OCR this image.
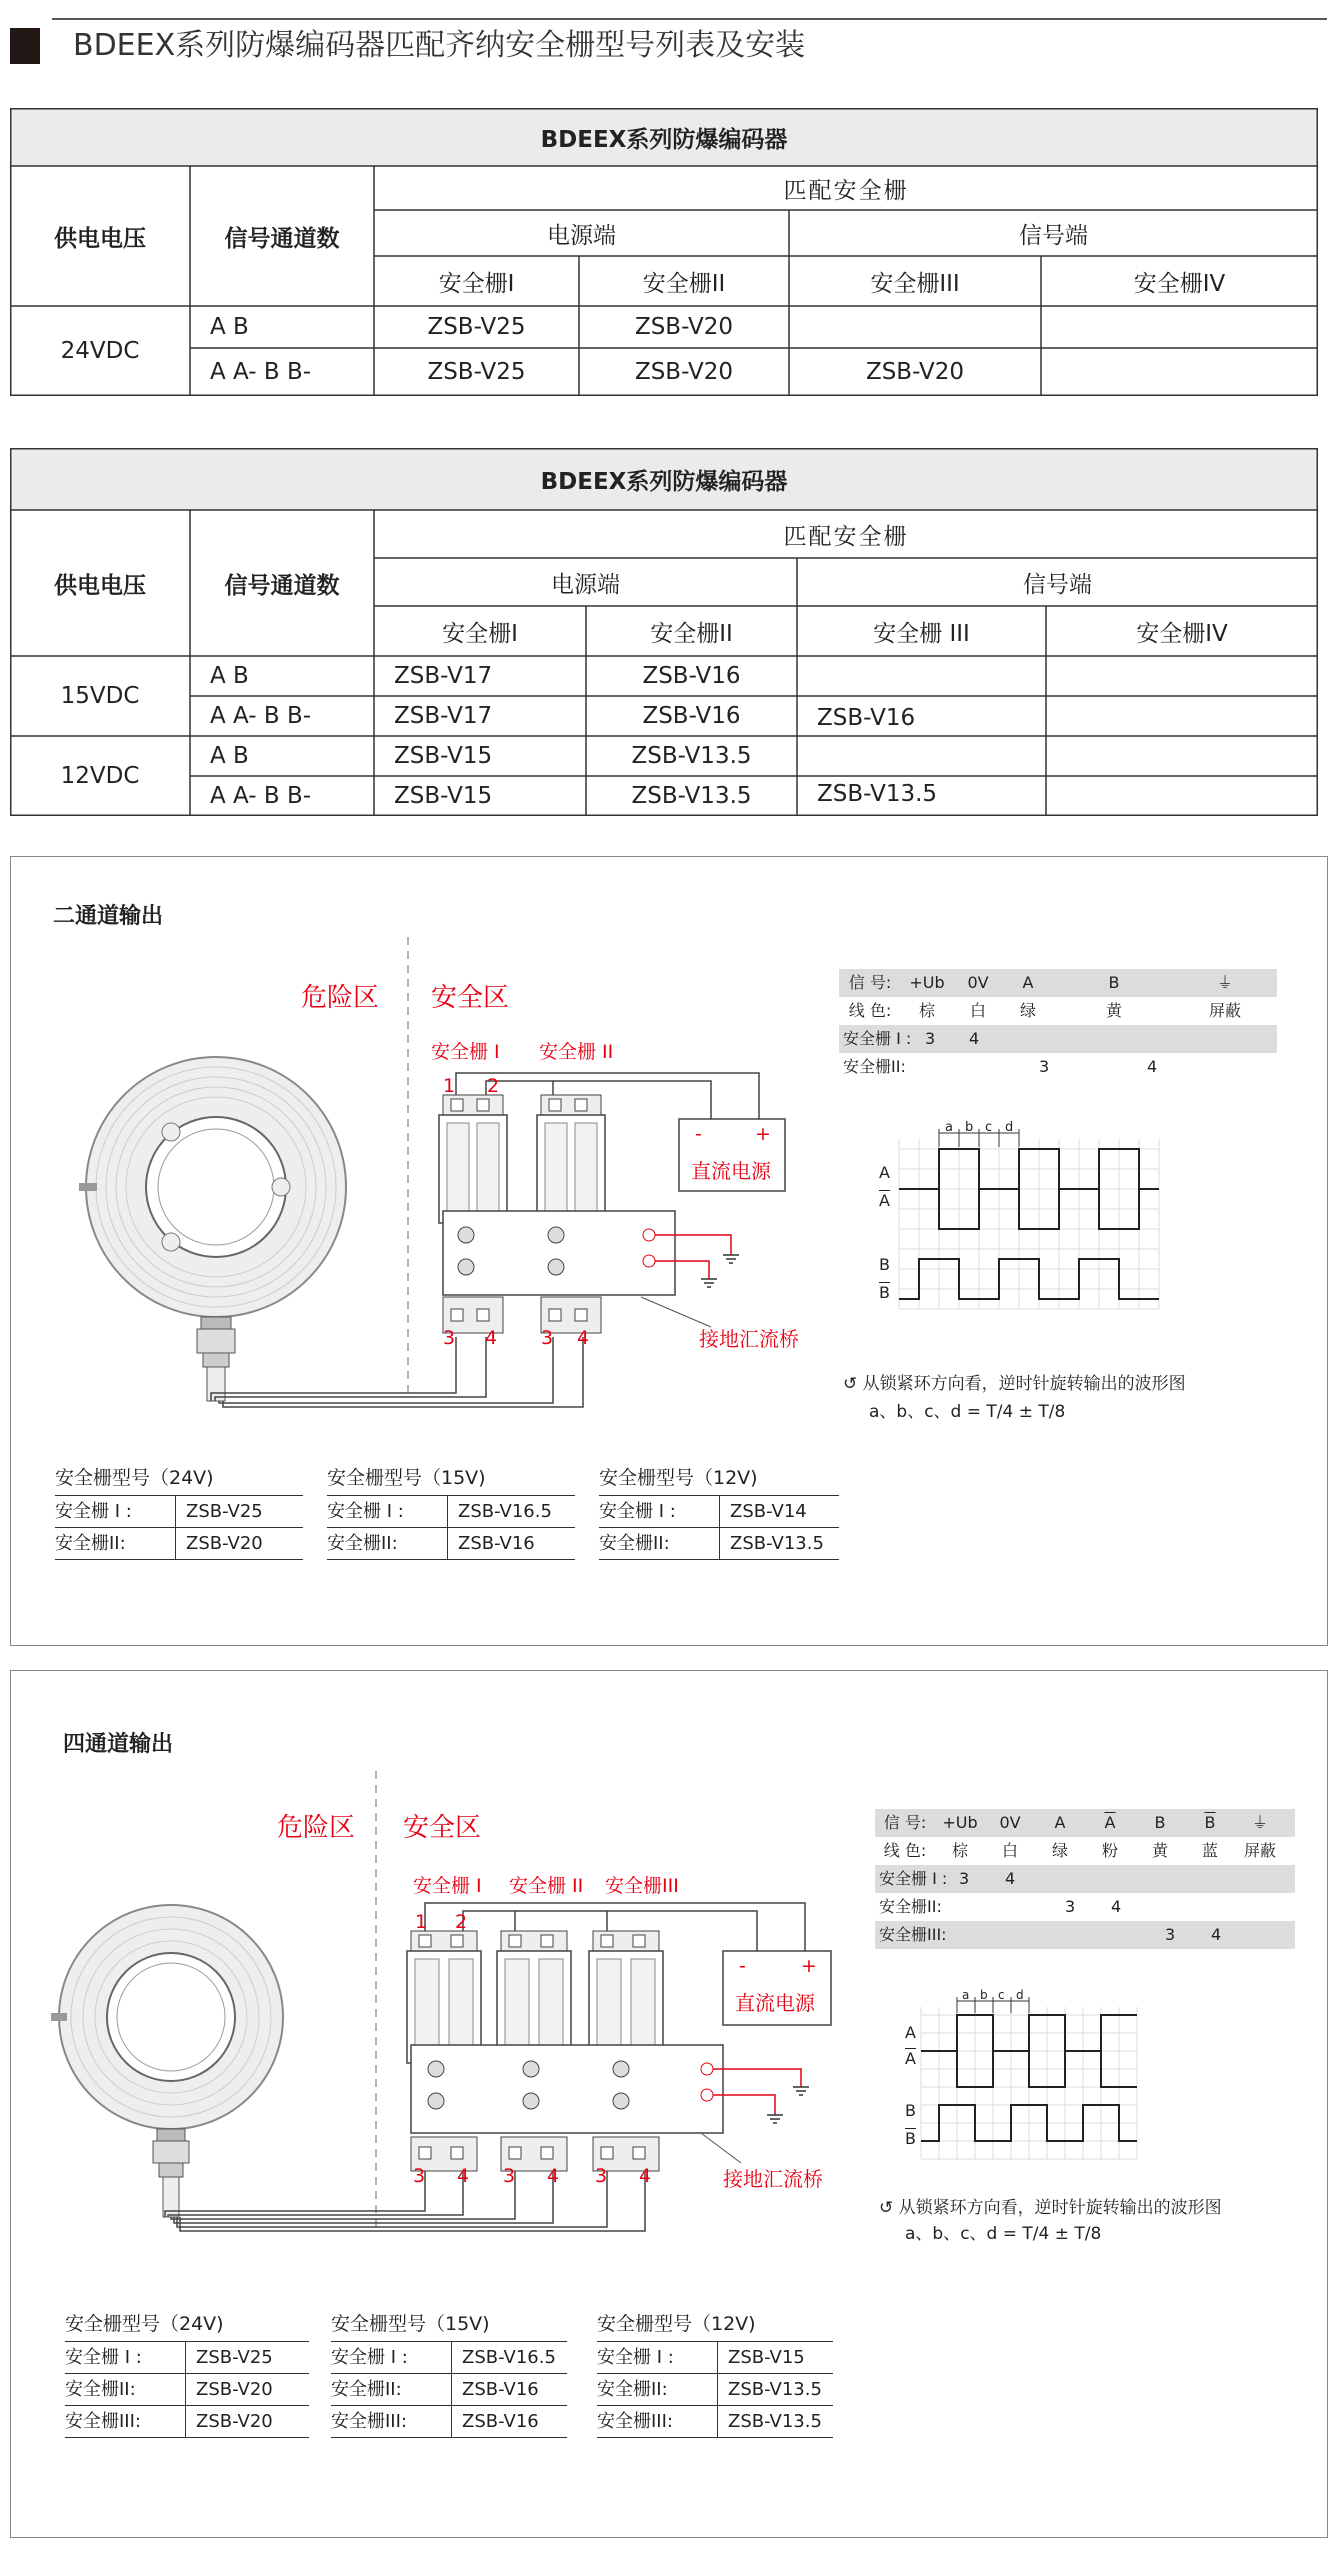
BDEEX系列防爆编码器匹配齐纳安全栅型号列表及安装
BDEEX系列防爆编码器
供电电压	信号通道数
匹配安全栅
电源端	信号端
安全栅I	安全栅II	安全栅III	安全栅IV
24VDC
A B	ZSB-V25	ZSB-V20
A A- B B-	ZSB-V25	ZSB-V20	ZSB-V20
BDEEX系列防爆编码器
供电电压	信号通道数
匹配安全栅
电源端	信号端
安全栅I	安全栅II	安全栅 III	安全栅IV
15VDC
12VDC
A B	ZSB-V17	ZSB-V16
A A- B B-	ZSB-V17	ZSB-V16	ZSB-V16
A B	ZSB-V15	ZSB-V13.5
A A- B B-	ZSB-V15	ZSB-V13.5	ZSB-V13.5
二通道输出
危险区 安全区
安全栅 I 安全栅 II
1 2
3 4 3 4
-	+
直流电源
接地汇流桥
信 号:	+Ub	0V	A	B	⏚
线 色:	棕	白	绿	黄	屏蔽
安全栅 I : 3	4
安全栅II:	3	4
a b c d
A
$\overline{A}$
B
$\overline{B}$
↺ 从锁紧环方向看，逆时针旋转输出的波形图
a、b、c、d = T/4 ± T/8
安全栅型号（24V)
安全栅 I :	ZSB-V25
安全栅II:	ZSB-V20
安全栅型号（15V)
安全栅 I :	ZSB-V16.5
安全栅II:	ZSB-V16
安全栅型号（12V)
安全栅 I :	ZSB-V14
安全栅II:	ZSB-V13.5
四通道输出
危险区 安全区
安全栅 I 安全栅 II 安全栅III
1 2
3 4 3 4 3 4
-	+
直流电源
接地汇流桥
信 号:	+Ub	0V	A	$\overline{A}$	B	$\overline{B}$	⏚
线 色:	棕	白	绿	粉	黄	蓝	屏蔽
安全栅 I : 3	4
安全栅II:	3	4
安全栅III:	3	4
a b c d
A
$\overline{A}$
B
$\overline{B}$
↺ 从锁紧环方向看，逆时针旋转输出的波形图
a、b、c、d = T/4 ± T/8
安全栅型号（24V)
安全栅 I :	ZSB-V25
安全栅II:	ZSB-V20
安全栅III:	ZSB-V20
安全栅型号（15V)
安全栅 I :	ZSB-V16.5
安全栅II:	ZSB-V16
安全栅III:	ZSB-V16
安全栅型号（12V)
安全栅 I :	ZSB-V15
安全栅II:	ZSB-V13.5
安全栅III:	ZSB-V13.5
